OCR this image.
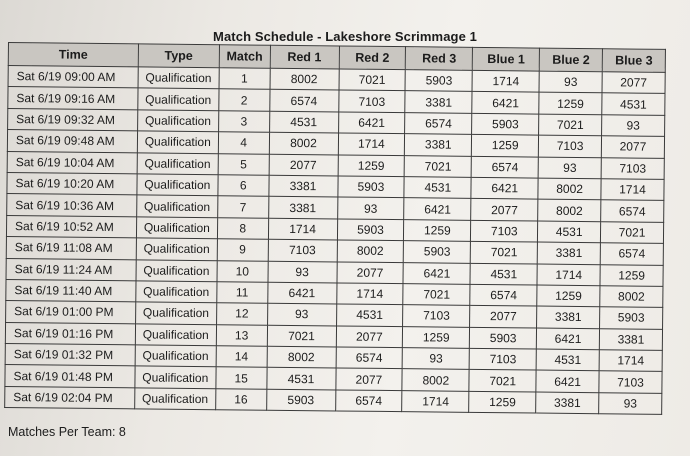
Match Schedule - Lakeshore Scrimmage 1
Time	Type	Match	Red 1	Red 2	Red 3	Blue 1	Blue 2	Blue 3
Sat 6/19 09:00 AM	Qualification	1	8002	7021	5903	1714	93	2077
Sat 6/19 09:16 AM	Qualification	2	6574	7103	3381	6421	1259	4531
Sat 6/19 09:32 AM	Qualification	3	4531	6421	6574	5903	7021	93
Sat 6/19 09:48 AM	Qualification	4	8002	1714	3381	1259	7103	2077
Sat 6/19 10:04 AM	Qualification	5	2077	1259	7021	6574	93	7103
Sat 6/19 10:20 AM	Qualification	6	3381	5903	4531	6421	8002	1714
Sat 6/19 10:36 AM	Qualification	7	3381	93	6421	2077	8002	6574
Sat 6/19 10:52 AM	Qualification	8	1714	5903	1259	7103	4531	7021
Sat 6/19 11:08 AM	Qualification	9	7103	8002	5903	7021	3381	6574
Sat 6/19 11:24 AM	Qualification	10	93	2077	6421	4531	1714	1259
Sat 6/19 11:40 AM	Qualification	11	6421	1714	7021	6574	1259	8002
Sat 6/19 01:00 PM	Qualification	12	93	4531	7103	2077	3381	5903
Sat 6/19 01:16 PM	Qualification	13	7021	2077	1259	5903	6421	3381
Sat 6/19 01:32 PM	Qualification	14	8002	6574	93	7103	4531	1714
Sat 6/19 01:48 PM	Qualification	15	4531	2077	8002	7021	6421	7103
Sat 6/19 02:04 PM	Qualification	16	5903	6574	1714	1259	3381	93
Matches Per Team: 8
